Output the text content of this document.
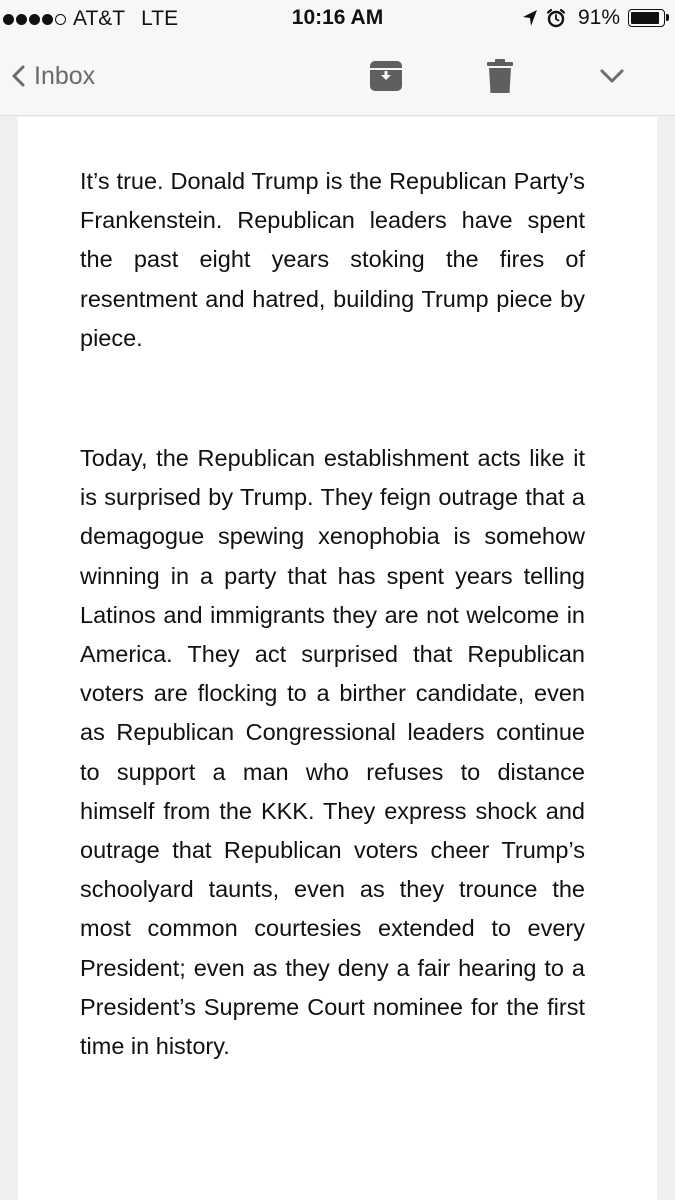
AT&T LTE	10:16 AM	91%
Inbox

It’s true. Donald Trump is the Republican Party’s Frankenstein. Republican leaders have spent the past eight years stoking the fires of resentment and hatred, building Trump piece by piece.

Today, the Republican establishment acts like it is surprised by Trump. They feign outrage that a demagogue spewing xenophobia is somehow winning in a party that has spent years telling Latinos and immigrants they are not welcome in America. They act surprised that Republican voters are flocking to a birther candidate, even as Republican Congressional leaders continue to support a man who refuses to distance himself from the KKK. They express shock and outrage that Republican voters cheer Trump’s schoolyard taunts, even as they trounce the most common courtesies extended to every President; even as they deny a fair hearing to a President’s Supreme Court nominee for the first time in history.
